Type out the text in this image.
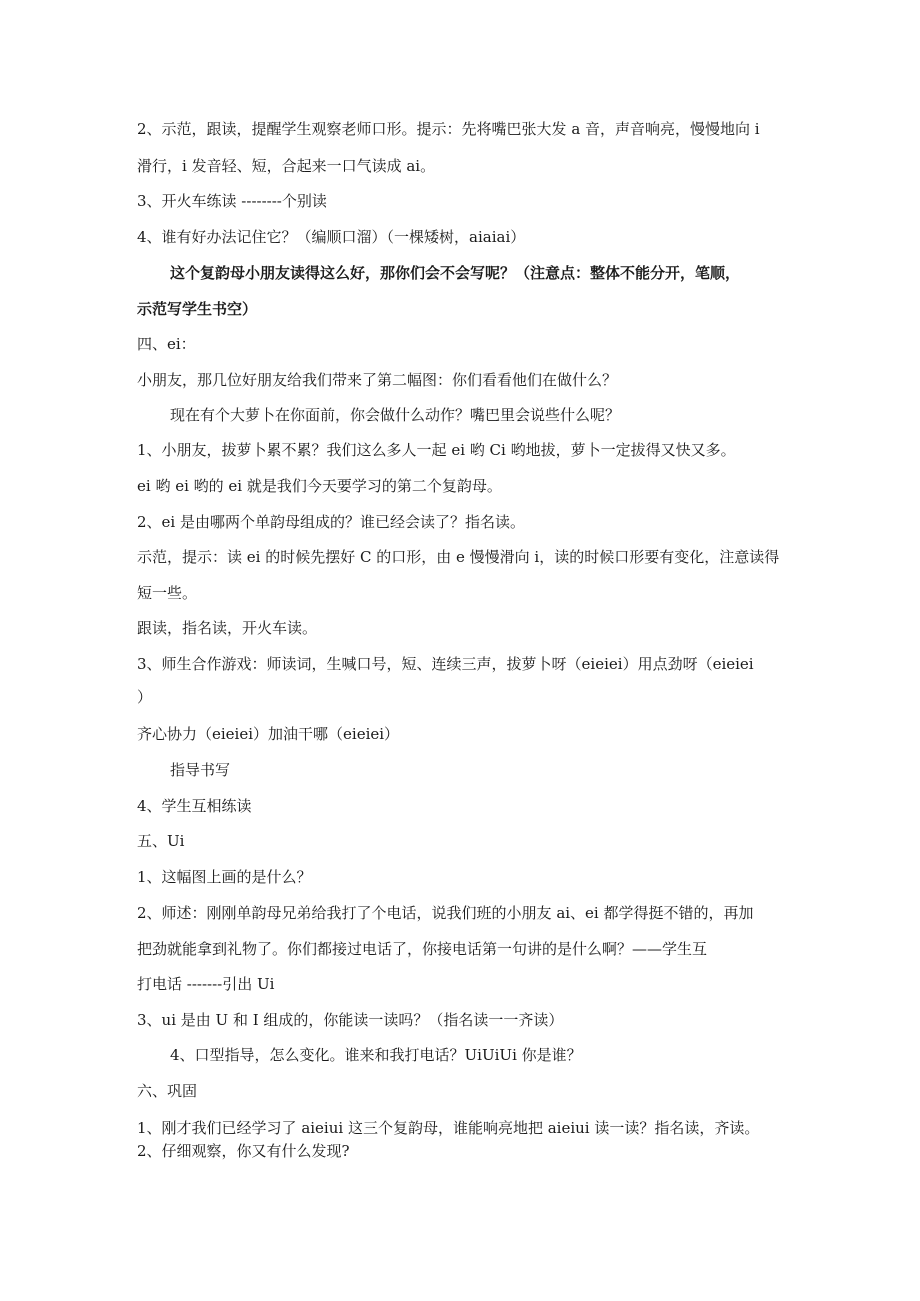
2、示范，跟读，提醒学生观察老师口形。提示：先将嘴巴张大发 a 音，声音响亮，慢慢地向 i
滑行，i 发音轻、短，合起来一口气读成 ai。
3、开火车练读 --------个别读
4、谁有好办法记住它？（编顺口溜）（一棵矮树，aiaiai）
这个复韵母小朋友读得这么好，那你们会不会写呢？（注意点：整体不能分开，笔顺，
示范写学生书空）
四、ei：
小朋友，那几位好朋友给我们带来了第二幅图：你们看看他们在做什么？
现在有个大萝卜在你面前，你会做什么动作？嘴巴里会说些什么呢？
1、小朋友，拔萝卜累不累？我们这么多人一起 ei 哟 Ci 哟地拔，萝卜一定拔得又快又多。
ei 哟 ei 哟的 ei 就是我们今天要学习的第二个复韵母。
2、ei 是由哪两个单韵母组成的？谁已经会读了？指名读。
示范，提示：读 ei 的时候先摆好 C 的口形，由 e 慢慢滑向 i，读的时候口形要有变化，注意读得
短一些。
跟读，指名读，开火车读。
3、师生合作游戏：师读词，生喊口号，短、连续三声，拔萝卜呀（eieiei）用点劲呀（eieiei
）
齐心协力（eieiei）加油干哪（eieiei）
指导书写
4、学生互相练读
五、Ui
1、这幅图上画的是什么？
2、师述：刚刚单韵母兄弟给我打了个电话，说我们班的小朋友 ai、ei 都学得挺不错的，再加
把劲就能拿到礼物了。你们都接过电话了，你接电话第一句讲的是什么啊？——学生互
打电话 -------引出 Ui
3、ui 是由 U 和 I 组成的，你能读一读吗？（指名读一一齐读）
4、口型指导，怎么变化。谁来和我打电话？UiUiUi 你是谁？
六、巩固
1、刚才我们已经学习了 aieiui 这三个复韵母，谁能响亮地把 aieiui 读一读？指名读，齐读。
2、仔细观察，你又有什么发现?
